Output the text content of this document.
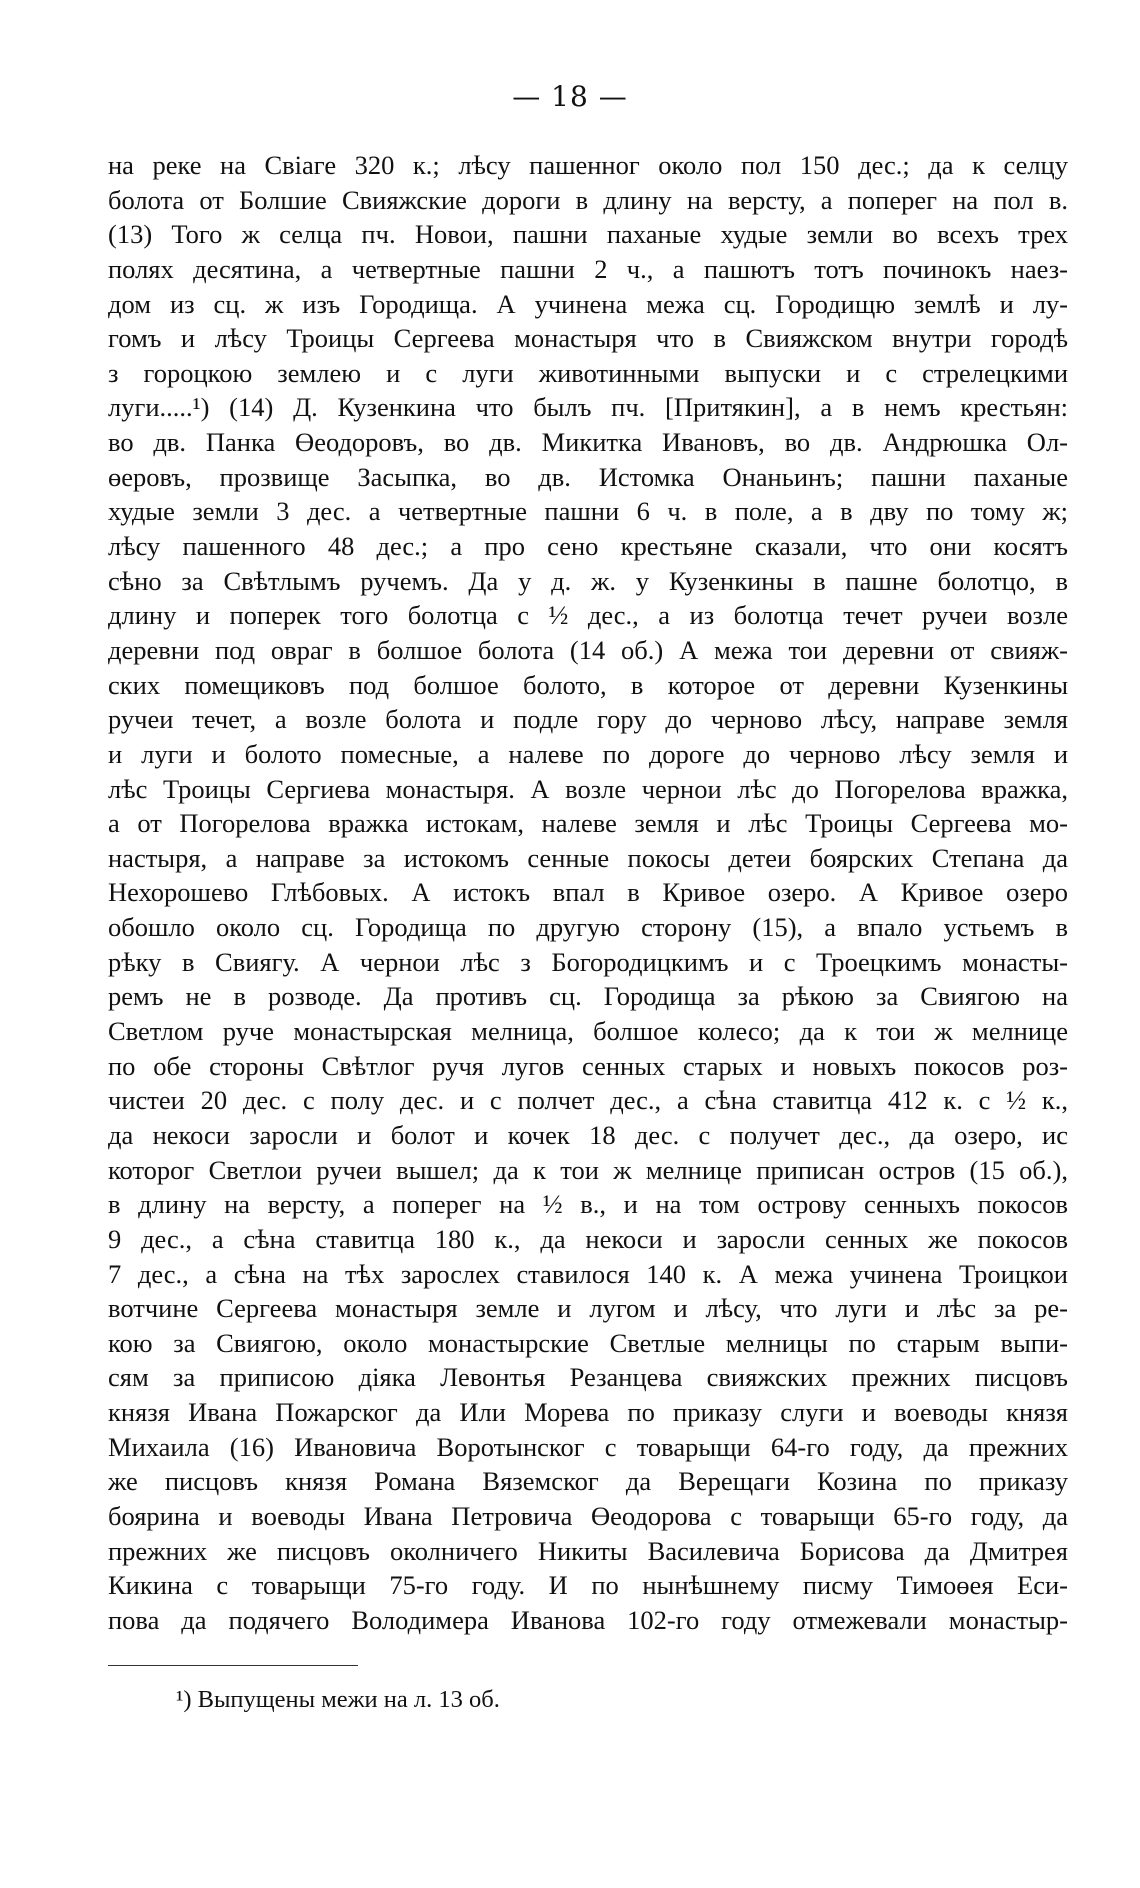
— 18 —
на реке на Свіаге 320 к.; лѣсу пашенног около пол 150 дес.; да к селцу
болота от Болшие Свияжские дороги в длину на версту, а поперег на пол в.
(13) Того ж селца пч. Новои, пашни паханые худые земли во всехъ трех
полях десятина, а четвертные пашни 2 ч., а пашютъ тотъ починокъ наез-
дом из сц. ж изъ Городища. А учинена межа сц. Городищю землѣ и лу-
гомъ и лѣсу Троицы Сергеева монастыря что в Свияжском внутри городѣ
з гороцкою землею и с луги животинными выпуски и с стрелецкими
луги.....¹) (14) Д. Кузенкина что былъ пч. [Притякин], а в немъ крестьян:
во дв. Панка Өеодоровъ, во дв. Микитка Ивановъ, во дв. Андрюшка Ол-
өеровъ, прозвище Засыпка, во дв. Истомка Онаньинъ; пашни паханые
худые земли 3 дес. а четвертные пашни 6 ч. в поле, а в дву по тому ж;
лѣсу пашенного 48 дес.; а про сено крестьяне сказали, что они косятъ
сѣно за Свѣтлымъ ручемъ. Да у д. ж. у Кузенкины в пашне болотцо, в
длину и поперек того болотца с ½ дес., а из болотца течет ручеи возле
деревни под овраг в болшое болота (14 об.) А межа тои деревни от свияж-
ских помещиковъ под болшое болото, в которое от деревни Кузенкины
ручеи течет, а возле болота и подле гору до черново лѣсу, направе земля
и луги и болото помесные, а налеве по дороге до черново лѣсу земля и
лѣс Троицы Сергиева монастыря. А возле чернои лѣс до Погорелова вражка,
а от Погорелова вражка истокам, налеве земля и лѣс Троицы Сергеева мо-
настыря, а направе за истокомъ сенные покосы детеи боярских Степана да
Нехорошево Глѣбовых. А истокъ впал в Кривое озеро. А Кривое озеро
обошло около сц. Городища по другую сторону (15), а впало устьемъ в
рѣку в Свиягу. А чернои лѣс з Богородицкимъ и с Троецкимъ монасты-
ремъ не в розводе. Да противъ сц. Городища за рѣкою за Свиягою на
Светлом руче монастырская мелница, болшое колесо; да к тои ж мелнице
по обе стороны Свѣтлог ручя лугов сенных старых и новыхъ покосов роз-
чистеи 20 дес. с полу дес. и с полчет дес., а сѣна ставитца 412 к. с ½ к.,
да некоси заросли и болот и кочек 18 дес. с получет дес., да озеро, ис
которог Светлои ручеи вышел; да к тои ж мелнице приписан остров (15 об.),
в длину на версту, а поперег на ½ в., и на том острову сенныхъ покосов
9 дес., а сѣна ставитца 180 к., да некоси и заросли сенных же покосов
7 дес., а сѣна на тѣх зарослех ставилося 140 к. А межа учинена Троицкои
вотчине Сергеева монастыря земле и лугом и лѣсу, что луги и лѣс за ре-
кою за Свиягою, около монастырские Светлые мелницы по старым выпи-
сям за приписою діяка Левонтья Резанцева свияжских прежних писцовъ
князя Ивана Пожарског да Или Морева по приказу слуги и воеводы князя
Михаила (16) Ивановича Воротынског с товарыщи 64-го году, да прежних
же писцовъ князя Романа Вяземског да Верещаги Козина по приказу
боярина и воеводы Ивана Петровича Өеодорова с товарыщи 65-го году, да
прежних же писцовъ околничего Никиты Василевича Борисова да Дмитрея
Кикина с товарыщи 75-го году. И по нынѣшнему писму Тимоөея Еси-
пова да подячего Володимера Иванова 102-го году отмежевали монастыр-
¹) Выпущены межи на л. 13 об.
